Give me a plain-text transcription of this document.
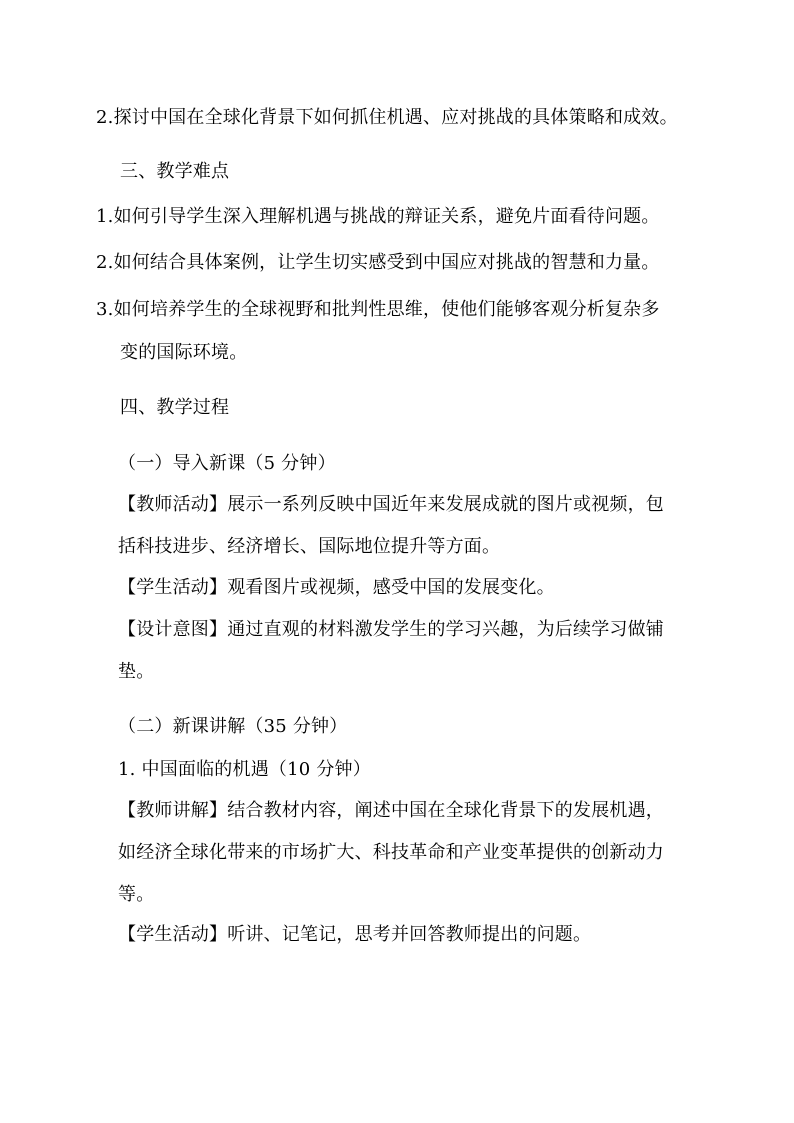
2.探讨中国在全球化背景下如何抓住机遇、应对挑战的具体策略和成效。
三、教学难点
1.如何引导学生深入理解机遇与挑战的辩证关系，避免片面看待问题。
2.如何结合具体案例，让学生切实感受到中国应对挑战的智慧和力量。
3.如何培养学生的全球视野和批判性思维，使他们能够客观分析复杂多
变的国际环境。
四、教学过程
（一）导入新课（5 分钟）
【教师活动】展示一系列反映中国近年来发展成就的图片或视频，包
括科技进步、经济增长、国际地位提升等方面。
【学生活动】观看图片或视频，感受中国的发展变化。
【设计意图】通过直观的材料激发学生的学习兴趣，为后续学习做铺
垫。
（二）新课讲解（35 分钟）
1. 中国面临的机遇（10 分钟）
【教师讲解】结合教材内容，阐述中国在全球化背景下的发展机遇，
如经济全球化带来的市场扩大、科技革命和产业变革提供的创新动力
等。
【学生活动】听讲、记笔记，思考并回答教师提出的问题。
